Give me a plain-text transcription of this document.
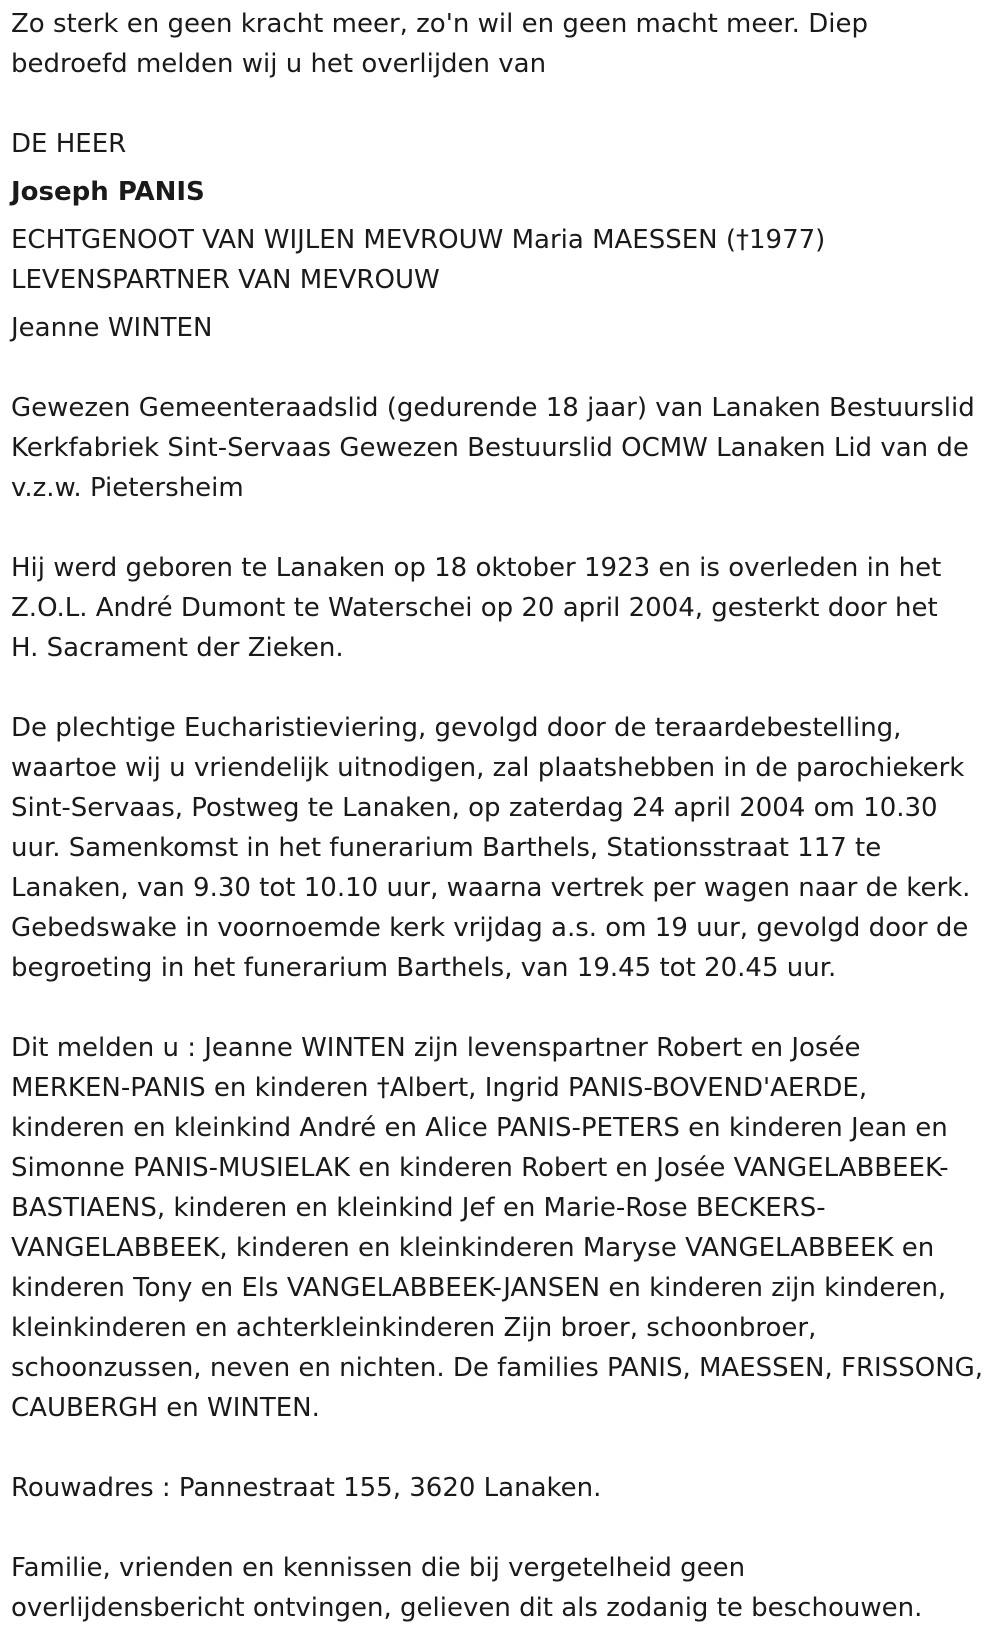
Zo sterk en geen kracht meer, zo'n wil en geen macht meer. Diep
bedroefd melden wij u het overlijden van

DE HEER

Joseph PANIS

ECHTGENOOT VAN WIJLEN MEVROUW Maria MAESSEN (†1977)

LEVENSPARTNER VAN MEVROUW

Jeanne WINTEN

Gewezen Gemeenteraadslid (gedurende 18 jaar) van Lanaken Bestuurslid
Kerkfabriek Sint-Servaas Gewezen Bestuurslid OCMW Lanaken Lid van de
v.z.w. Pietersheim

Hij werd geboren te Lanaken op 18 oktober 1923 en is overleden in het
Z.O.L. André Dumont te Waterschei op 20 april 2004, gesterkt door het
H. Sacrament der Zieken.

De plechtige Eucharistieviering, gevolgd door de teraardebestelling,
waartoe wij u vriendelijk uitnodigen, zal plaatshebben in de parochiekerk
Sint-Servaas, Postweg te Lanaken, op zaterdag 24 april 2004 om 10.30
uur. Samenkomst in het funerarium Barthels, Stationsstraat 117 te
Lanaken, van 9.30 tot 10.10 uur, waarna vertrek per wagen naar de kerk.
Gebedswake in voornoemde kerk vrijdag a.s. om 19 uur, gevolgd door de
begroeting in het funerarium Barthels, van 19.45 tot 20.45 uur.

Dit melden u : Jeanne WINTEN zijn levenspartner Robert en Josée
MERKEN-PANIS en kinderen †Albert, Ingrid PANIS-BOVEND'AERDE,
kinderen en kleinkind André en Alice PANIS-PETERS en kinderen Jean en
Simonne PANIS-MUSIELAK en kinderen Robert en Josée VANGELABBEEK-
BASTIAENS, kinderen en kleinkind Jef en Marie-Rose BECKERS-
VANGELABBEEK, kinderen en kleinkinderen Maryse VANGELABBEEK en
kinderen Tony en Els VANGELABBEEK-JANSEN en kinderen zijn kinderen,
kleinkinderen en achterkleinkinderen Zijn broer, schoonbroer,
schoonzussen, neven en nichten. De families PANIS, MAESSEN, FRISSONG,
CAUBERGH en WINTEN.

Rouwadres : Pannestraat 155, 3620 Lanaken.

Familie, vrienden en kennissen die bij vergetelheid geen
overlijdensbericht ontvingen, gelieven dit als zodanig te beschouwen.
